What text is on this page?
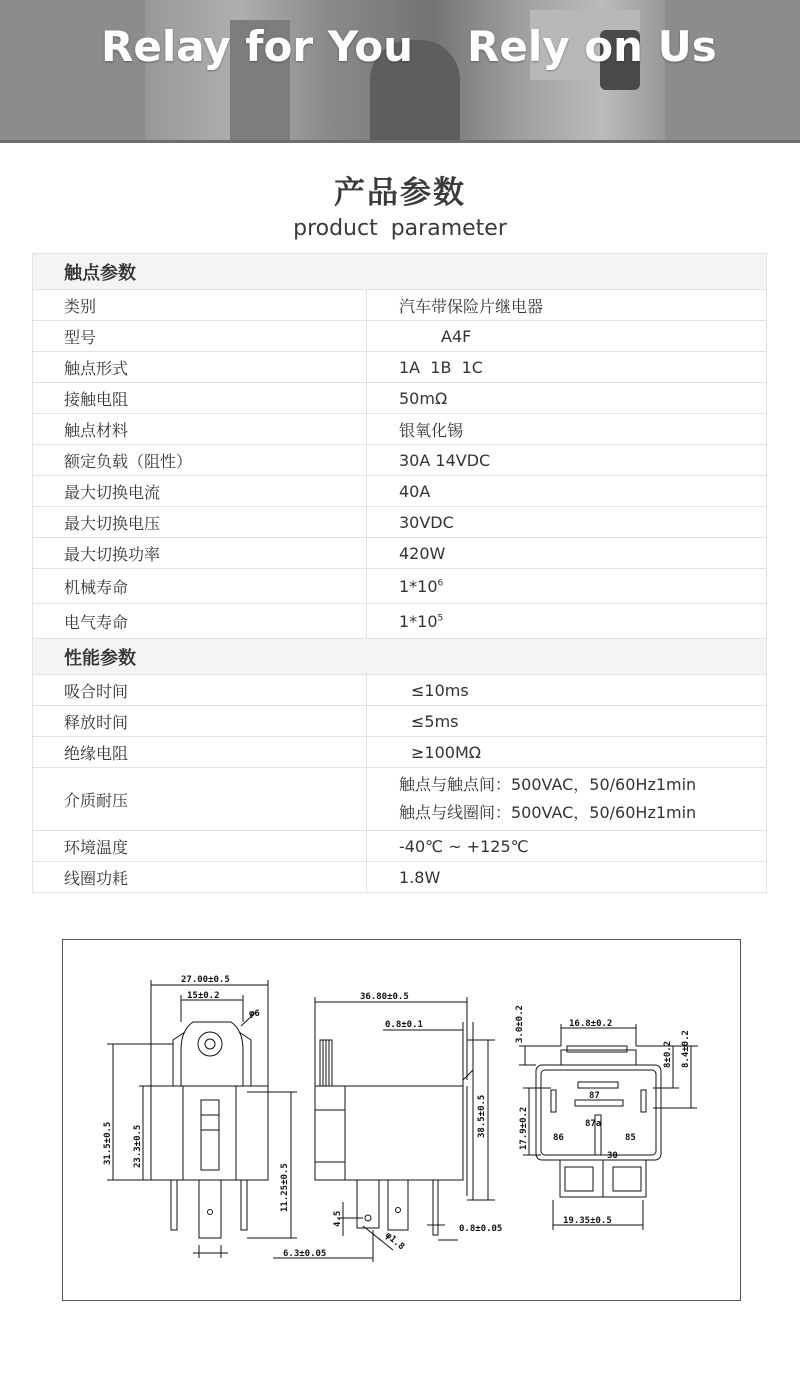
Relay for You Rely on Us
产品参数
product parameter
触点参数	
类别	汽车带保险片继电器
型号	A4F
触点形式	1A  1B  1C
接触电阻	50mΩ
触点材料	银氧化锡
额定负载（阻性）	30A 14VDC
最大切换电流	40A
最大切换电压	30VDC
最大切换功率	420W
机械寿命	$1*10^6$
电气寿命	$1*10^5$
性能参数	
吸合时间	≤10ms
释放时间	≤5ms
绝缘电阻	≥100MΩ
介质耐压	触点与触点间：500VAC，50/60Hz1min
触点与线圈间：500VAC，50/60Hz1min

环境温度	-40℃ ~ +125℃
线圈功耗	1.8W
27.00±0.5
15±0.2
φ6
31.5±0.5 23.3±0.5
11.25±0.5
6.3±0.05
36.80±0.5
0.8±0.1
38.5±0.5
4.5
φ1.8
0.8±0.05
16.8±0.2
3.0±0.2
8±0.2 8.4±0.2
17.9±0.2
19.35±0.5
87
87a
86	85
30
